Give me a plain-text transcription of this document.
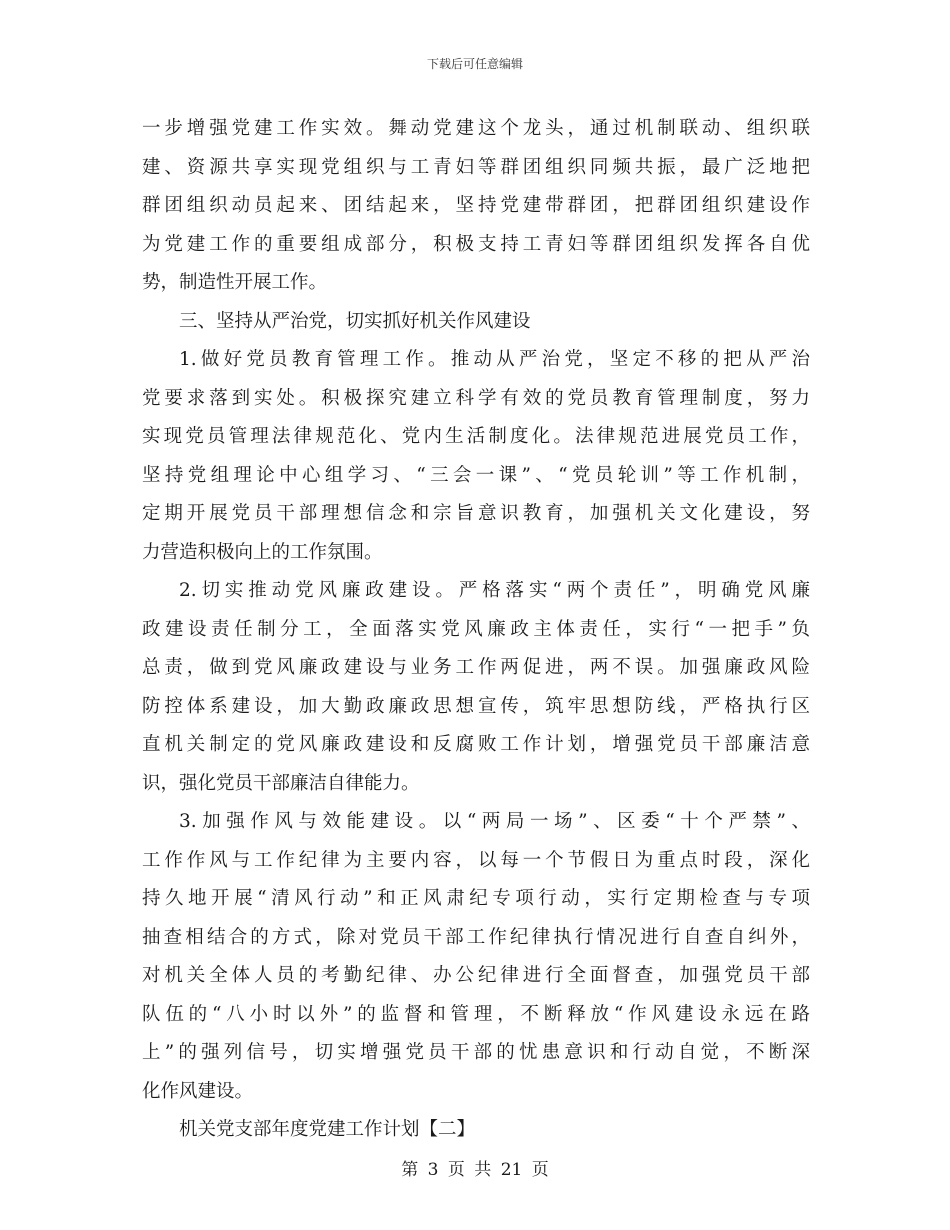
下载后可任意编辑
一步增强党建工作实效。舞动党建这个龙头，通过机制联动、组织联
建、资源共享实现党组织与工青妇等群团组织同频共振，最广泛地把
群团组织动员起来、团结起来，坚持党建带群团，把群团组织建设作
为党建工作的重要组成部分，积极支持工青妇等群团组织发挥各自优
势，制造性开展工作。
三、坚持从严治党，切实抓好机关作风建设
1.做好党员教育管理工作。推动从严治党，坚定不移的把从严治
党要求落到实处。积极探究建立科学有效的党员教育管理制度，努力
实现党员管理法律规范化、党内生活制度化。法律规范进展党员工作，
坚持党组理论中心组学习、“三会一课”、“党员轮训”等工作机制，
定期开展党员干部理想信念和宗旨意识教育，加强机关文化建设，努
力营造积极向上的工作氛围。
2.切实推动党风廉政建设。严格落实“两个责任”，明确党风廉
政建设责任制分工，全面落实党风廉政主体责任，实行“一把手”负
总责，做到党风廉政建设与业务工作两促进，两不误。加强廉政风险
防控体系建设，加大勤政廉政思想宣传，筑牢思想防线，严格执行区
直机关制定的党风廉政建设和反腐败工作计划，增强党员干部廉洁意
识，强化党员干部廉洁自律能力。
3.加强作风与效能建设。以“两局一场”、区委“十个严禁”、
工作作风与工作纪律为主要内容，以每一个节假日为重点时段，深化
持久地开展“清风行动”和正风肃纪专项行动，实行定期检查与专项
抽查相结合的方式，除对党员干部工作纪律执行情况进行自查自纠外，
对机关全体人员的考勤纪律、办公纪律进行全面督查，加强党员干部
队伍的“八小时以外”的监督和管理，不断释放“作风建设永远在路
上”的强列信号，切实增强党员干部的忧患意识和行动自觉，不断深
化作风建设。
机关党支部年度党建工作计划【二】
第 3 页 共 21 页
